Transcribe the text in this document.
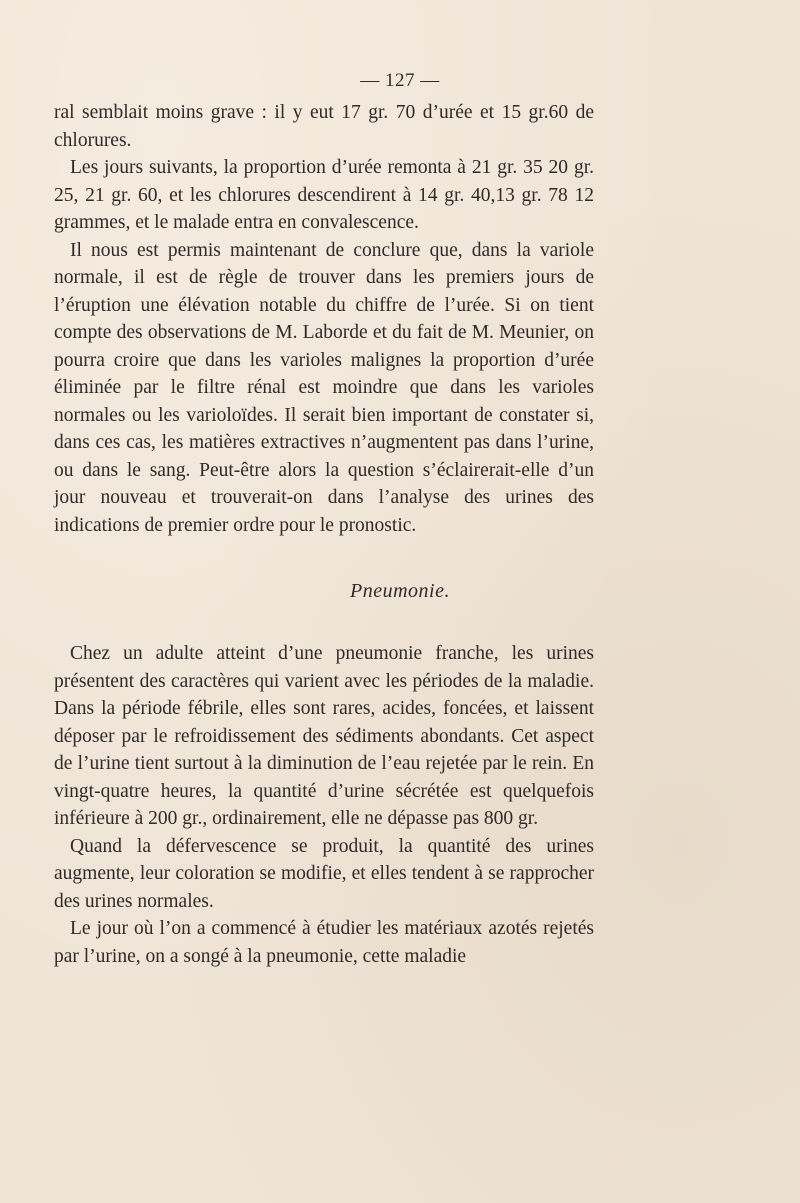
— 127 —

ral semblait moins grave : il y eut 17 gr. 70 d’urée et 15 gr.60 de chlorures.

Les jours suivants, la proportion d’urée remonta à 21 gr. 35 20 gr. 25, 21 gr. 60, et les chlorures descendirent à 14 gr. 40,13 gr. 78 12 grammes, et le malade entra en convalescence.

Il nous est permis maintenant de conclure que, dans la variole normale, il est de règle de trouver dans les premiers jours de l’éruption une élévation notable du chiffre de l’urée. Si on tient compte des observations de M. Laborde et du fait de M. Meunier, on pourra croire que dans les varioles malignes la proportion d’urée éliminée par le filtre rénal est moindre que dans les varioles normales ou les varioloïdes. Il serait bien important de constater si, dans ces cas, les matières extractives n’augmentent pas dans l’urine, ou dans le sang. Peut-être alors la question s’éclairerait-elle d’un jour nouveau et trouverait-on dans l’analyse des urines des indications de premier ordre pour le pronostic.

Pneumonie.

Chez un adulte atteint d’une pneumonie franche, les urines présentent des caractères qui varient avec les périodes de la maladie. Dans la période fébrile, elles sont rares, acides, foncées, et laissent déposer par le refroidissement des sédiments abondants. Cet aspect de l’urine tient surtout à la diminution de l’eau rejetée par le rein. En vingt-quatre heures, la quantité d’urine sécrétée est quelquefois inférieure à 200 gr., ordinairement, elle ne dépasse pas 800 gr.

Quand la défervescence se produit, la quantité des urines augmente, leur coloration se modifie, et elles tendent à se rapprocher des urines normales.

Le jour où l’on a commencé à étudier les matériaux azotés rejetés par l’urine, on a songé à la pneumonie, cette maladie
